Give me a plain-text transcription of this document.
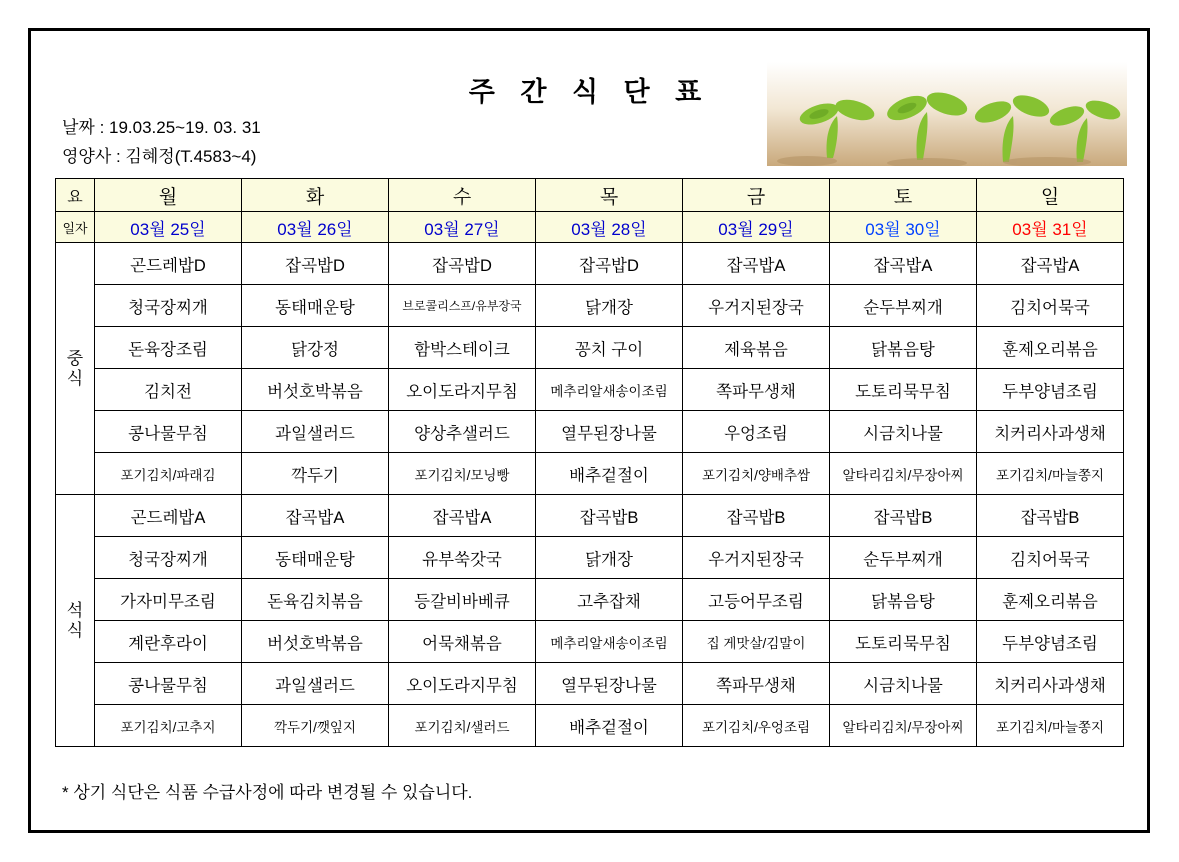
주 간 식 단 표
날짜 : 19.03.25~19. 03. 31
영양사 : 김혜정(T.4583~4)
요	월	화	수	목	금	토	일
일자	03월 25일	03월 26일	03월 27일	03월 28일	03월 29일	03월 30일	03월 31일

중
식	곤드레밥D	잡곡밥D	잡곡밥D	잡곡밥D	잡곡밥A	잡곡밥A	잡곡밥A
	청국장찌개	동태매운탕	브로콜리스프/유부장국	닭개장	우거지된장국	순두부찌개	김치어묵국
	돈육장조림	닭강정	함박스테이크	꽁치 구이	제육볶음	닭볶음탕	훈제오리볶음
	김치전	버섯호박볶음	오이도라지무침	메추리알새송이조림	쪽파무생채	도토리묵무침	두부양념조림
	콩나물무침	과일샐러드	양상추샐러드	열무된장나물	우엉조림	시금치나물	치커리사과생채
	포기김치/파래김	깍두기	포기김치/모닝빵	배추겉절이	포기김치/양배추쌈	알타리김치/무장아찌	포기김치/마늘쫑지

석
식	곤드레밥A	잡곡밥A	잡곡밥A	잡곡밥B	잡곡밥B	잡곡밥B	잡곡밥B
	청국장찌개	동태매운탕	유부쑥갓국	닭개장	우거지된장국	순두부찌개	김치어묵국
	가자미무조림	돈육김치볶음	등갈비바베큐	고추잡채	고등어무조림	닭볶음탕	훈제오리볶음
	계란후라이	버섯호박볶음	어묵채볶음	메추리알새송이조림	집 게맛살/김말이	도토리묵무침	두부양념조림
	콩나물무침	과일샐러드	오이도라지무침	열무된장나물	쪽파무생채	시금치나물	치커리사과생채
	포기김치/고추지	깍두기/깻잎지	포기김치/샐러드	배추겉절이	포기김치/우엉조림	알타리김치/무장아찌	포기김치/마늘쫑지
* 상기 식단은 식품 수급사정에 따라 변경될 수 있습니다.
